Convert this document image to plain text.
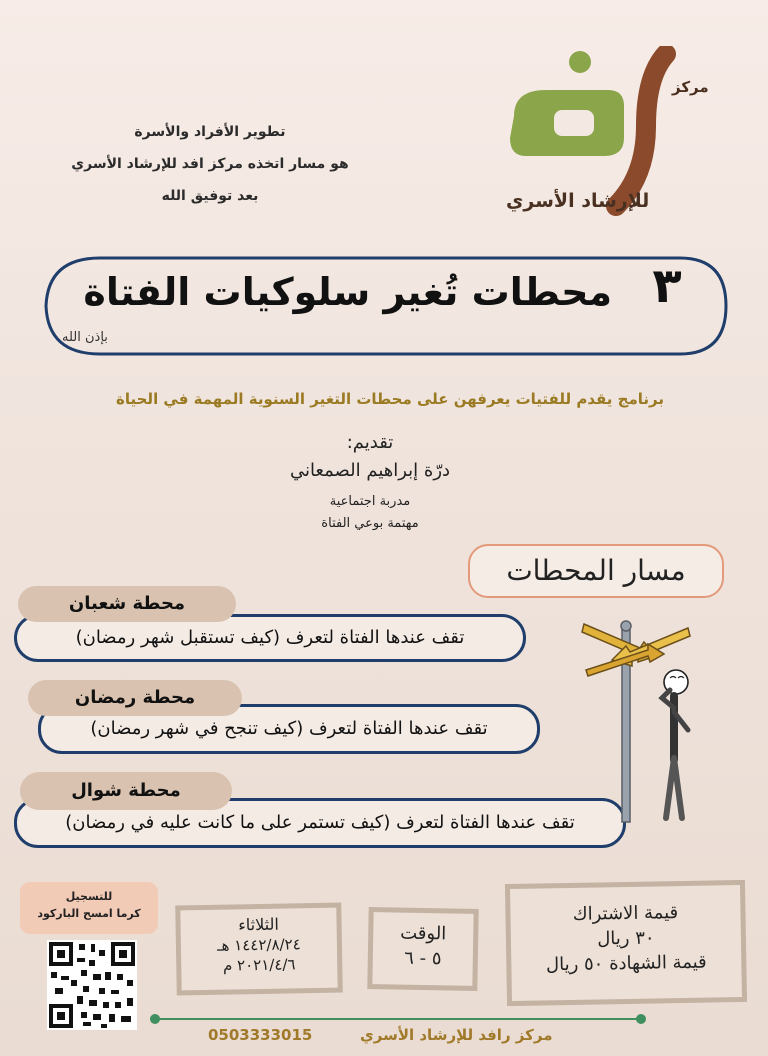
مركز
للإرشاد الأسري
تطوير الأفراد والأسرة
هو مسار اتخذه مركز افد للإرشاد الأسري
بعد توفيق الله
٣
محطات تُغير سلوكيات الفتاة
بإذن الله
برنامج يقدم للفتيات يعرفهن على محطات التغير السنوية المهمة في الحياة
تقديم:
درّة إبراهيم الصمعاني
مدربة اجتماعية
مهتمة بوعي الفتاة
مسار المحطات
تقف عندها الفتاة لتعرف (كيف تستقبل شهر رمضان)
محطة شعبان
تقف عندها الفتاة لتعرف (كيف تنجح في شهر رمضان)
محطة رمضان
تقف عندها الفتاة لتعرف (كيف تستمر على ما كانت عليه في رمضان)
محطة شوال
قيمة الاشتراك
٣٠ ريال
قيمة الشهادة ٥٠ ريال
الوقت
٥ - ٦
الثلاثاء
١٤٤٢/٨/٢٤ هـ
٢٠٢١/٤/٦ م
للتسجيل
كرما امسح الباركود
مركز رافد للإرشاد الأسري
0503333015
